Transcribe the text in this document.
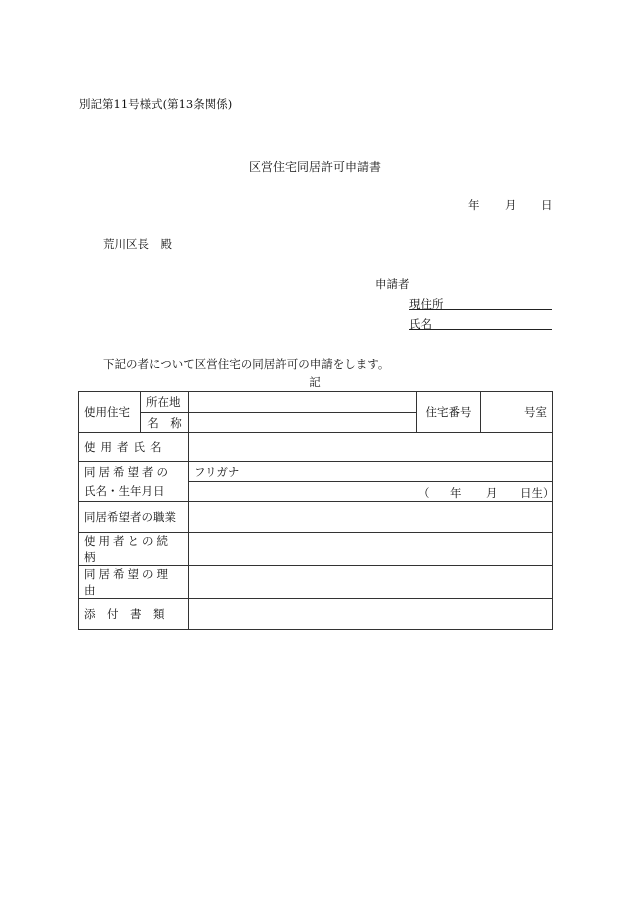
別記第11号様式(第13条関係)
区営住宅同居許可申請書
年 月 日
荒川区長　殿
申請者
現住所
氏名
下記の者について区営住宅の同居許可の申請をします。
記
使用住宅	所在地		住宅番号	号室
	名　称			
使用者氏名				
同居希望者の		フリガナ		
氏名・生年月日		（ 年 月 日生）		

同居希望者の職業				
使用者との続柄				
同居希望の理由				
添　付　書　類				
